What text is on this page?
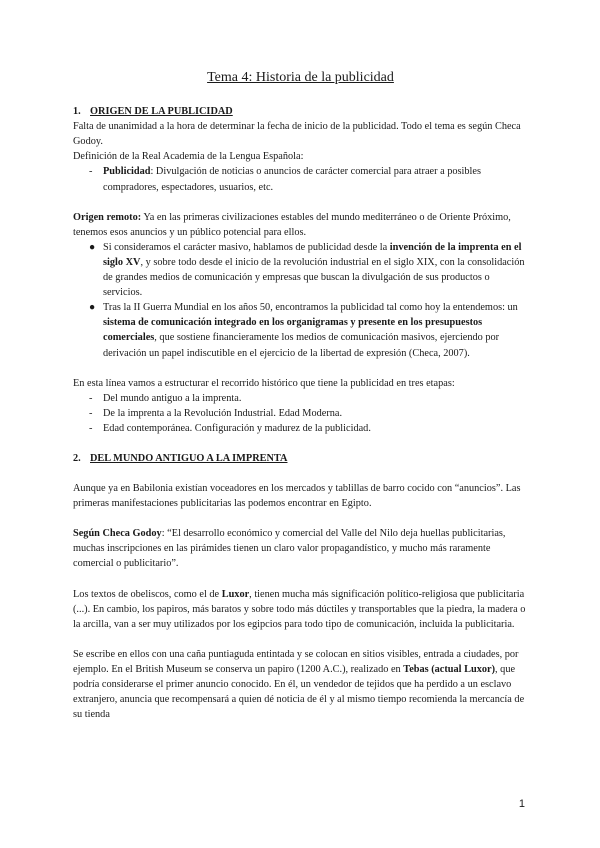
Tema 4: Historia de la publicidad

1. ORIGEN DE LA PUBLICIDAD

Falta de unanimidad a la hora de determinar la fecha de inicio de la publicidad. Todo el tema es según Checa Godoy.

Definición de la Real Academia de la Lengua Española:

-	Publicidad: Divulgación de noticias o anuncios de carácter comercial para atraer a posibles compradores, espectadores, usuarios, etc.

Origen remoto: Ya en las primeras civilizaciones estables del mundo mediterráneo o de Oriente Próximo, tenemos esos anuncios y un público potencial para ellos.

● Si consideramos el carácter masivo, hablamos de publicidad desde la invención de la imprenta en el siglo XV, y sobre todo desde el inicio de la revolución industrial en el siglo XIX, con la consolidación de grandes medios de comunicación y empresas que buscan la divulgación de sus productos o servicios.
● Tras la II Guerra Mundial en los años 50, encontramos la publicidad tal como hoy la entendemos: un sistema de comunicación integrado en los organigramas y presente en los presupuestos comerciales, que sostiene financieramente los medios de comunicación masivos, ejerciendo por derivación un papel indiscutible en el ejercicio de la libertad de expresión (Checa, 2007).

En esta línea vamos a estructurar el recorrido histórico que tiene la publicidad en tres etapas:

-	Del mundo antiguo a la imprenta.
-	De la imprenta a la Revolución Industrial. Edad Moderna.
-	Edad contemporánea. Configuración y madurez de la publicidad.
2. DEL MUNDO ANTIGUO A LA IMPRENTA

Aunque ya en Babilonia existían voceadores en los mercados y tablillas de barro cocido con “anuncios”. Las primeras manifestaciones publicitarias las podemos encontrar en Egipto.

Según Checa Godoy: “El desarrollo económico y comercial del Valle del Nilo deja huellas publicitarias, muchas inscripciones en las pirámides tienen un claro valor propagandístico, y mucho más raramente comercial o publicitario”.

Los textos de obeliscos, como el de Luxor, tienen mucha más significación político-religiosa que publicitaria (...). En cambio, los papiros, más baratos y sobre todo más dúctiles y transportables que la piedra, la madera o la arcilla, van a ser muy utilizados por los egipcios para todo tipo de comunicación, incluida la publicitaria.

Se escribe en ellos con una caña puntiaguda entintada y se colocan en sitios visibles, entrada a ciudades, por ejemplo. En el British Museum se conserva un papiro (1200 A.C.), realizado en Tebas (actual Luxor), que podría considerarse el primer anuncio conocido. En él, un vendedor de tejidos que ha perdido a un esclavo extranjero, anuncia que recompensará a quien dé noticia de él y al mismo tiempo recomienda la mercancía de su tienda

1
